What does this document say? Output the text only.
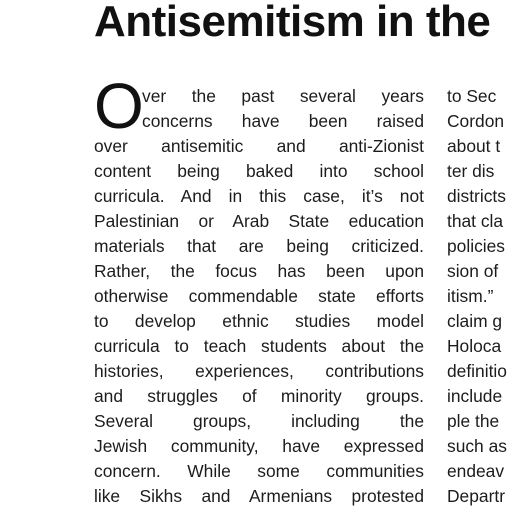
Antisemitism in the
O
ver the past several years
concerns have been raised
over antisemitic and anti-Zionist
content being baked into school
curricula. And in this case, it’s not
Palestinian or Arab State education
materials that are being criticized.
Rather, the focus has been upon
otherwise commendable state efforts
to develop ethnic studies model
curricula to teach students about the
histories, experiences, contributions
and struggles of minority groups.
Several groups, including the
Jewish community, have expressed
concern. While some communities
like Sikhs and Armenians protested
to Sec
Cordon
about t
ter dis
districts
that cla
policies
sion of
itism.”
claim g
Holoca
definitio
include
ple the
such as
endeav
Departr
